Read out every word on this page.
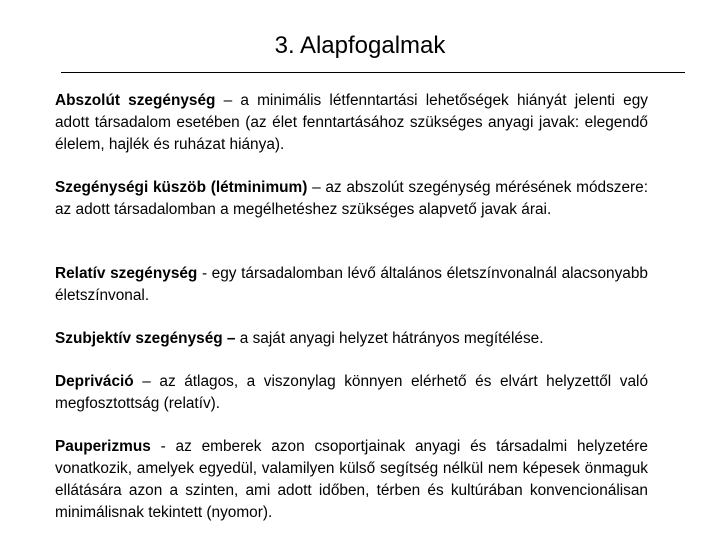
3. Alapfogalmak

Abszolút szegénység – a minimális létfenntartási lehetőségek hiányát jelenti egy adott társadalom esetében (az élet fenntartásához szükséges anyagi javak: elegendő élelem, hajlék és ruházat hiánya).

Szegénységi küszöb (létminimum) – az abszolút szegénység mérésének módszere: az adott társadalomban a megélhetéshez szükséges alapvető javak árai.

Relatív szegénység - egy társadalomban lévő általános életszínvonalnál alacsonyabb életszínvonal.

Szubjektív szegénység – a saját anyagi helyzet hátrányos megítélése.

Depriváció – az átlagos, a viszonylag könnyen elérhető és elvárt helyzettől való megfosztottság (relatív).

Pauperizmus - az emberek azon csoportjainak anyagi és társadalmi helyzetére vonatkozik, amelyek egyedül, valamilyen külső segítség nélkül nem képesek önmaguk ellátására azon a szinten, ami adott időben, térben és kultúrában konvencionálisan minimálisnak tekintett (nyomor).
